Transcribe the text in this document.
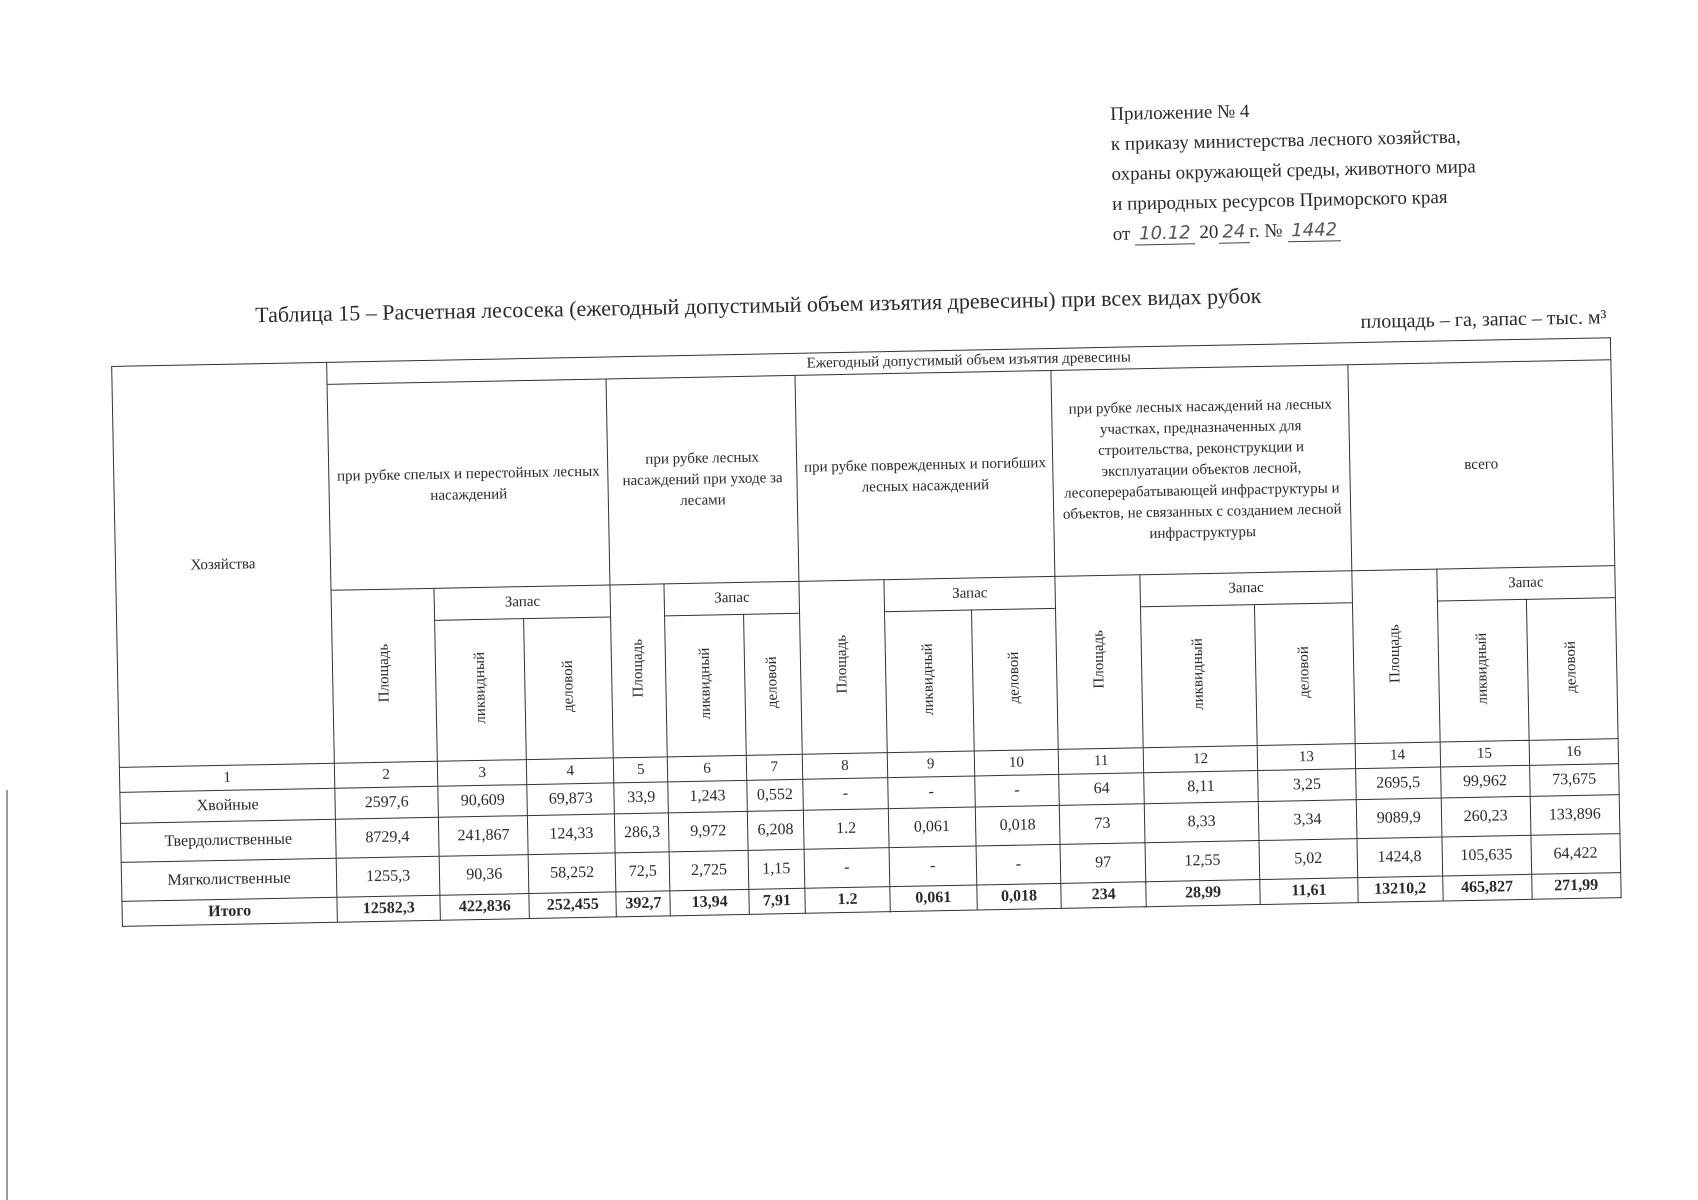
Приложение № 4
к приказу министерства лесного хозяйства,
охраны окружающей среды, животного мира
и природных ресурсов Приморского края
от 10.12 20 24 г. № 1442
Таблица 15 – Расчетная лесосека (ежегодный допустимый объем изъятия древесины) при всех видах рубок	площадь – га, запас – тыс. м³
Хозяйства	Ежегодный допустимый объем изъятия древесины														
	при рубке спелых и перестойных лесных насаждений			при рубке лесных насаждений при уходе за лесами			при рубке поврежденных и погибших лесных насаждений			при рубке лесных насаждений на лесных участках, предназначенных для строительства, реконструкции и эксплуатации объектов лесной, лесоперерабатывающей инфраструктуры и объектов, не связанных с созданием лесной инфраструктуры			всего		
	Площадь	Запас		Площадь	Запас		Площадь	Запас		Площадь	Запас		Площадь	Запас	
		ликвидный	деловой		ликвидный	деловой		ликвидный	деловой		ликвидный	деловой		ликвидный	деловой
1	2	3	4	5	6	7	8	9	10	11	12	13	14	15	16
Хвойные	2597,6	90,609	69,873	33,9	1,243	0,552	-	-	-	64	8,11	3,25	2695,5	99,962	73,675
Твердолиственные	8729,4	241,867	124,33	286,3	9,972	6,208	1.2	0,061	0,018	73	8,33	3,34	9089,9	260,23	133,896
Мягколиственные	1255,3	90,36	58,252	72,5	2,725	1,15	-	-	-	97	12,55	5,02	1424,8	105,635	64,422
Итого	12582,3	422,836	252,455	392,7	13,94	7,91	1.2	0,061	0,018	234	28,99	11,61	13210,2	465,827	271,99
